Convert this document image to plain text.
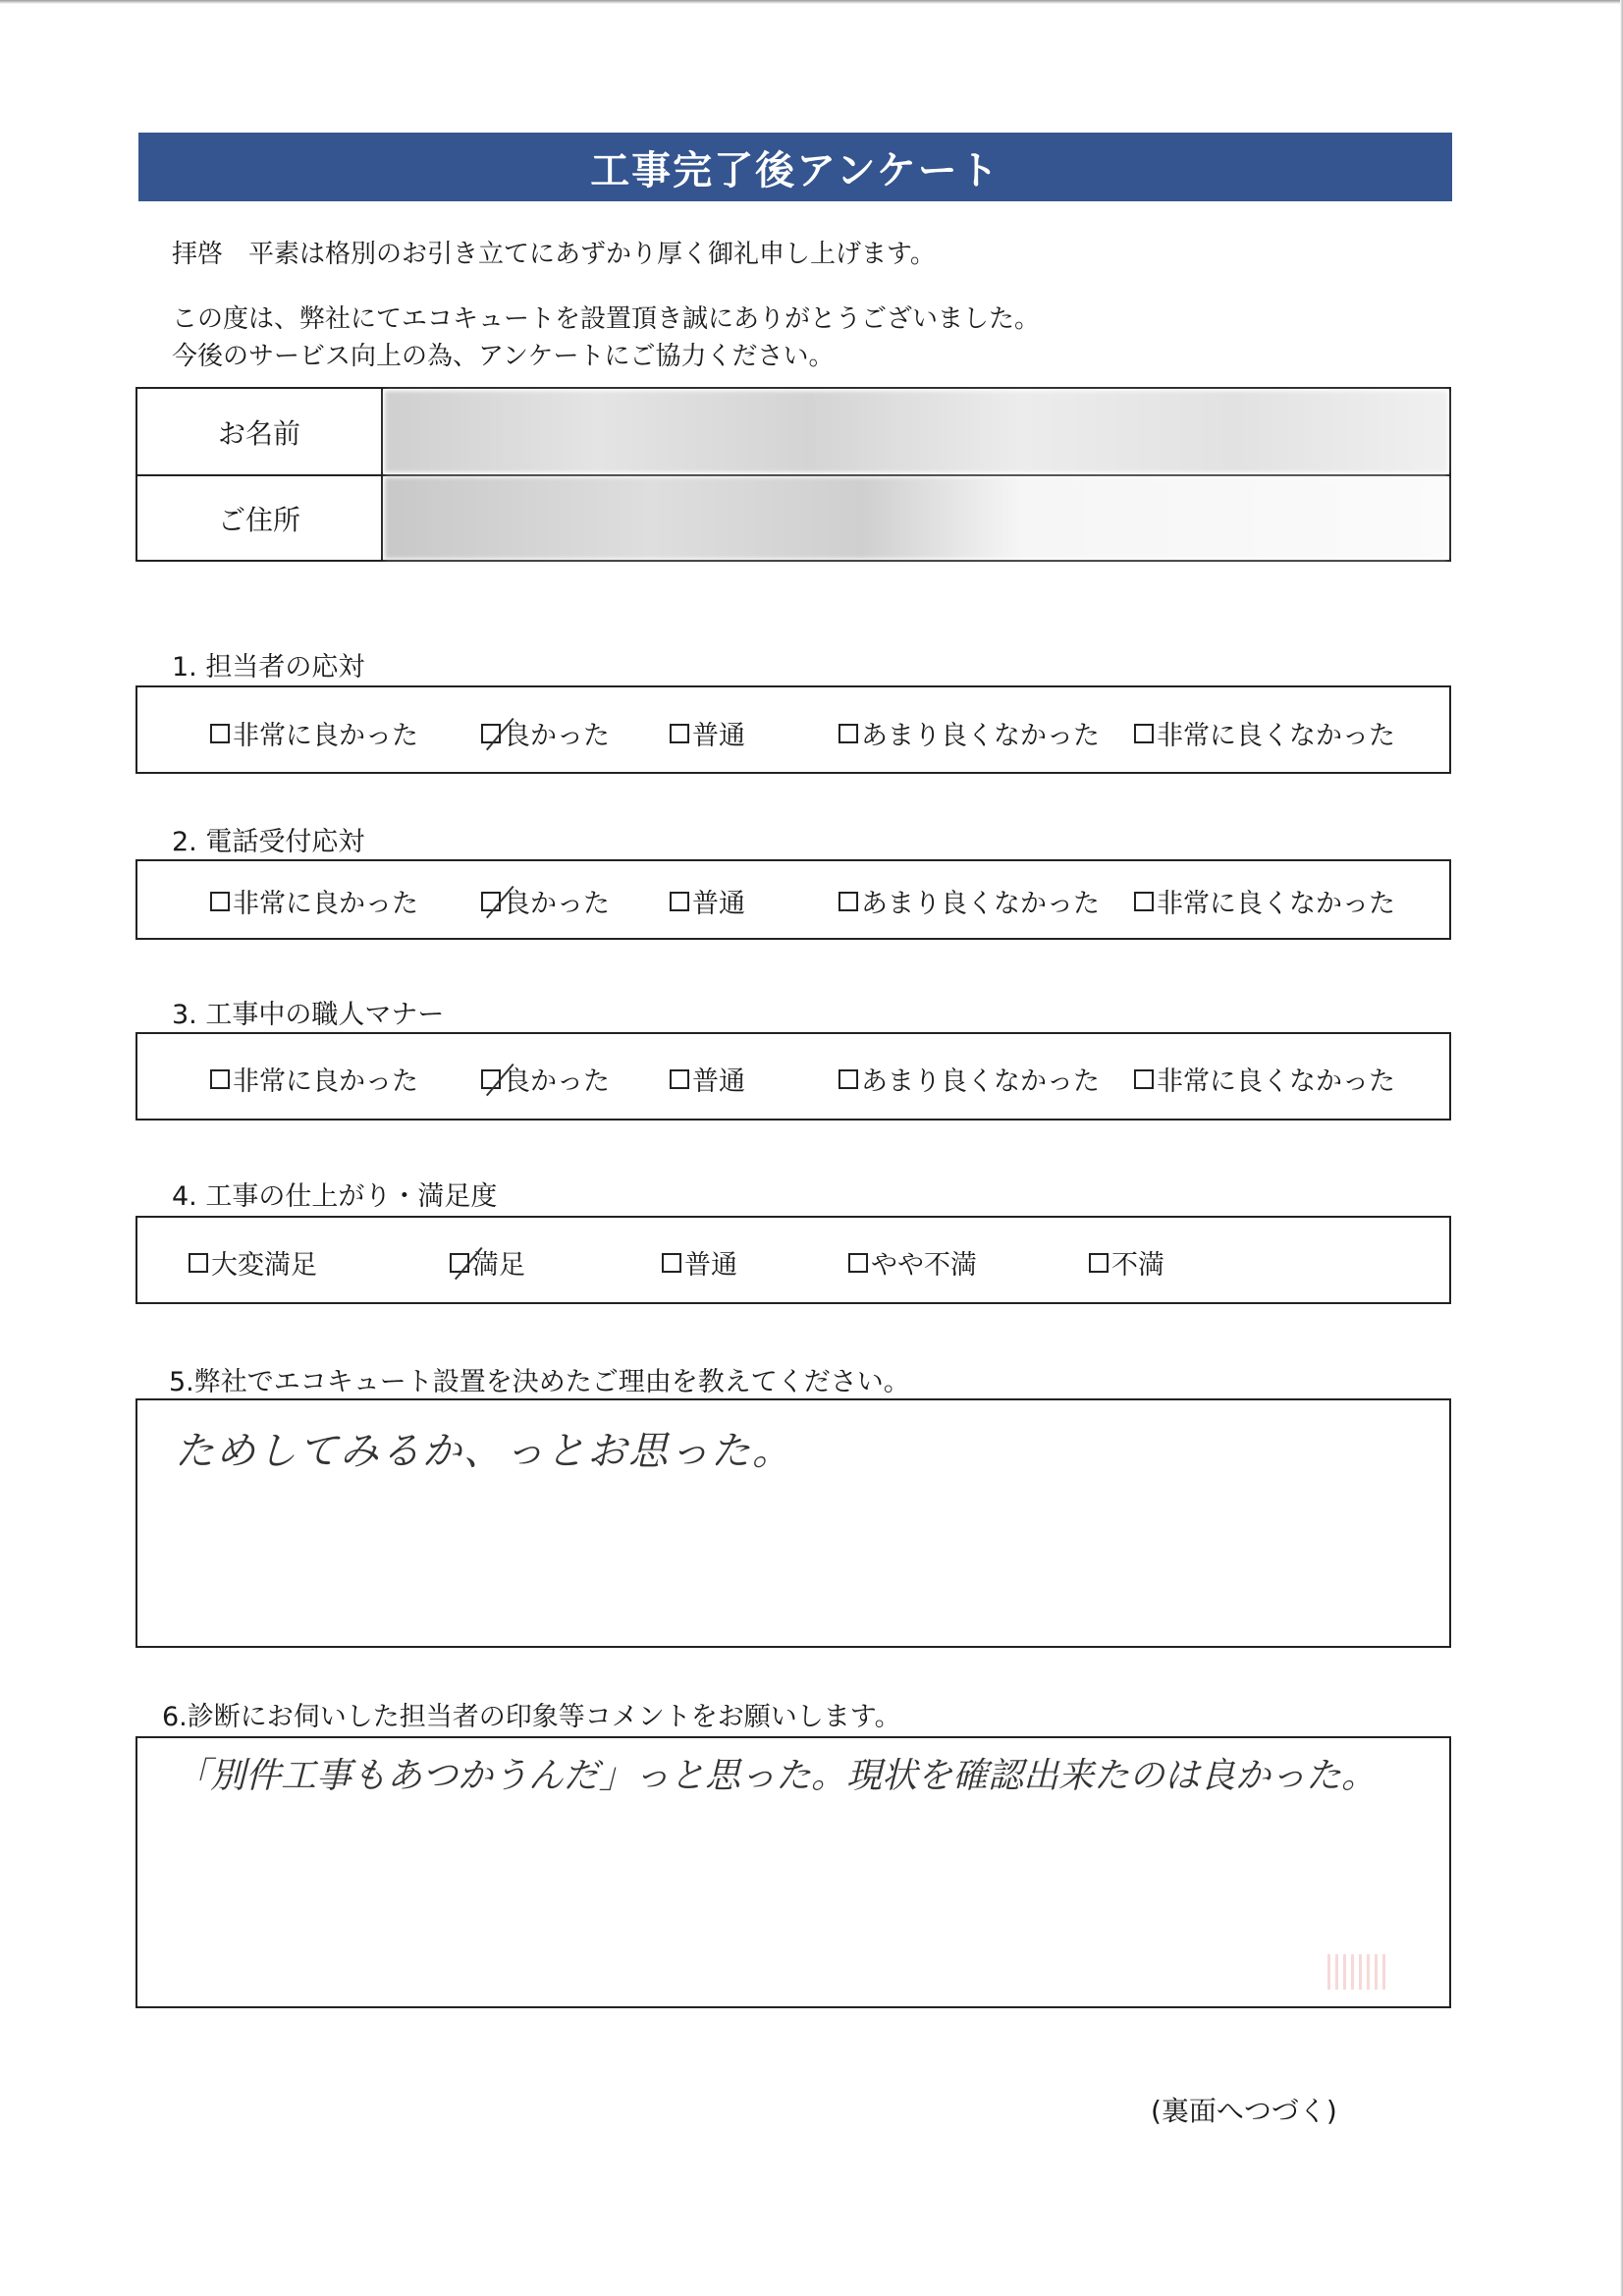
工事完了後アンケート
拝啓　平素は格別のお引き立てにあずかり厚く御礼申し上げます。
この度は、弊社にてエコキュートを設置頂き誠にありがとうございました。
今後のサービス向上の為、アンケートにご協力ください。
お名前
ご住所
1. 担当者の応対
非常に良かった	良かった	普通	あまり良くなかった 非常に良くなかった
2. 電話受付応対
非常に良かった	良かった	普通	あまり良くなかった 非常に良くなかった
3. 工事中の職人マナー
非常に良かった	良かった	普通	あまり良くなかった 非常に良くなかった
4. 工事の仕上がり・満足度
大変満足	満足	普通	やや不満	不満
5.弊社でエコキュート設置を決めたご理由を教えてください。
ためしてみるか、っとお思った。
6.診断にお伺いした担当者の印象等コメントをお願いします。
「別件工事もあつかうんだ」っと思った。現状を確認出来たのは良かった。
(裏面へつづく)
